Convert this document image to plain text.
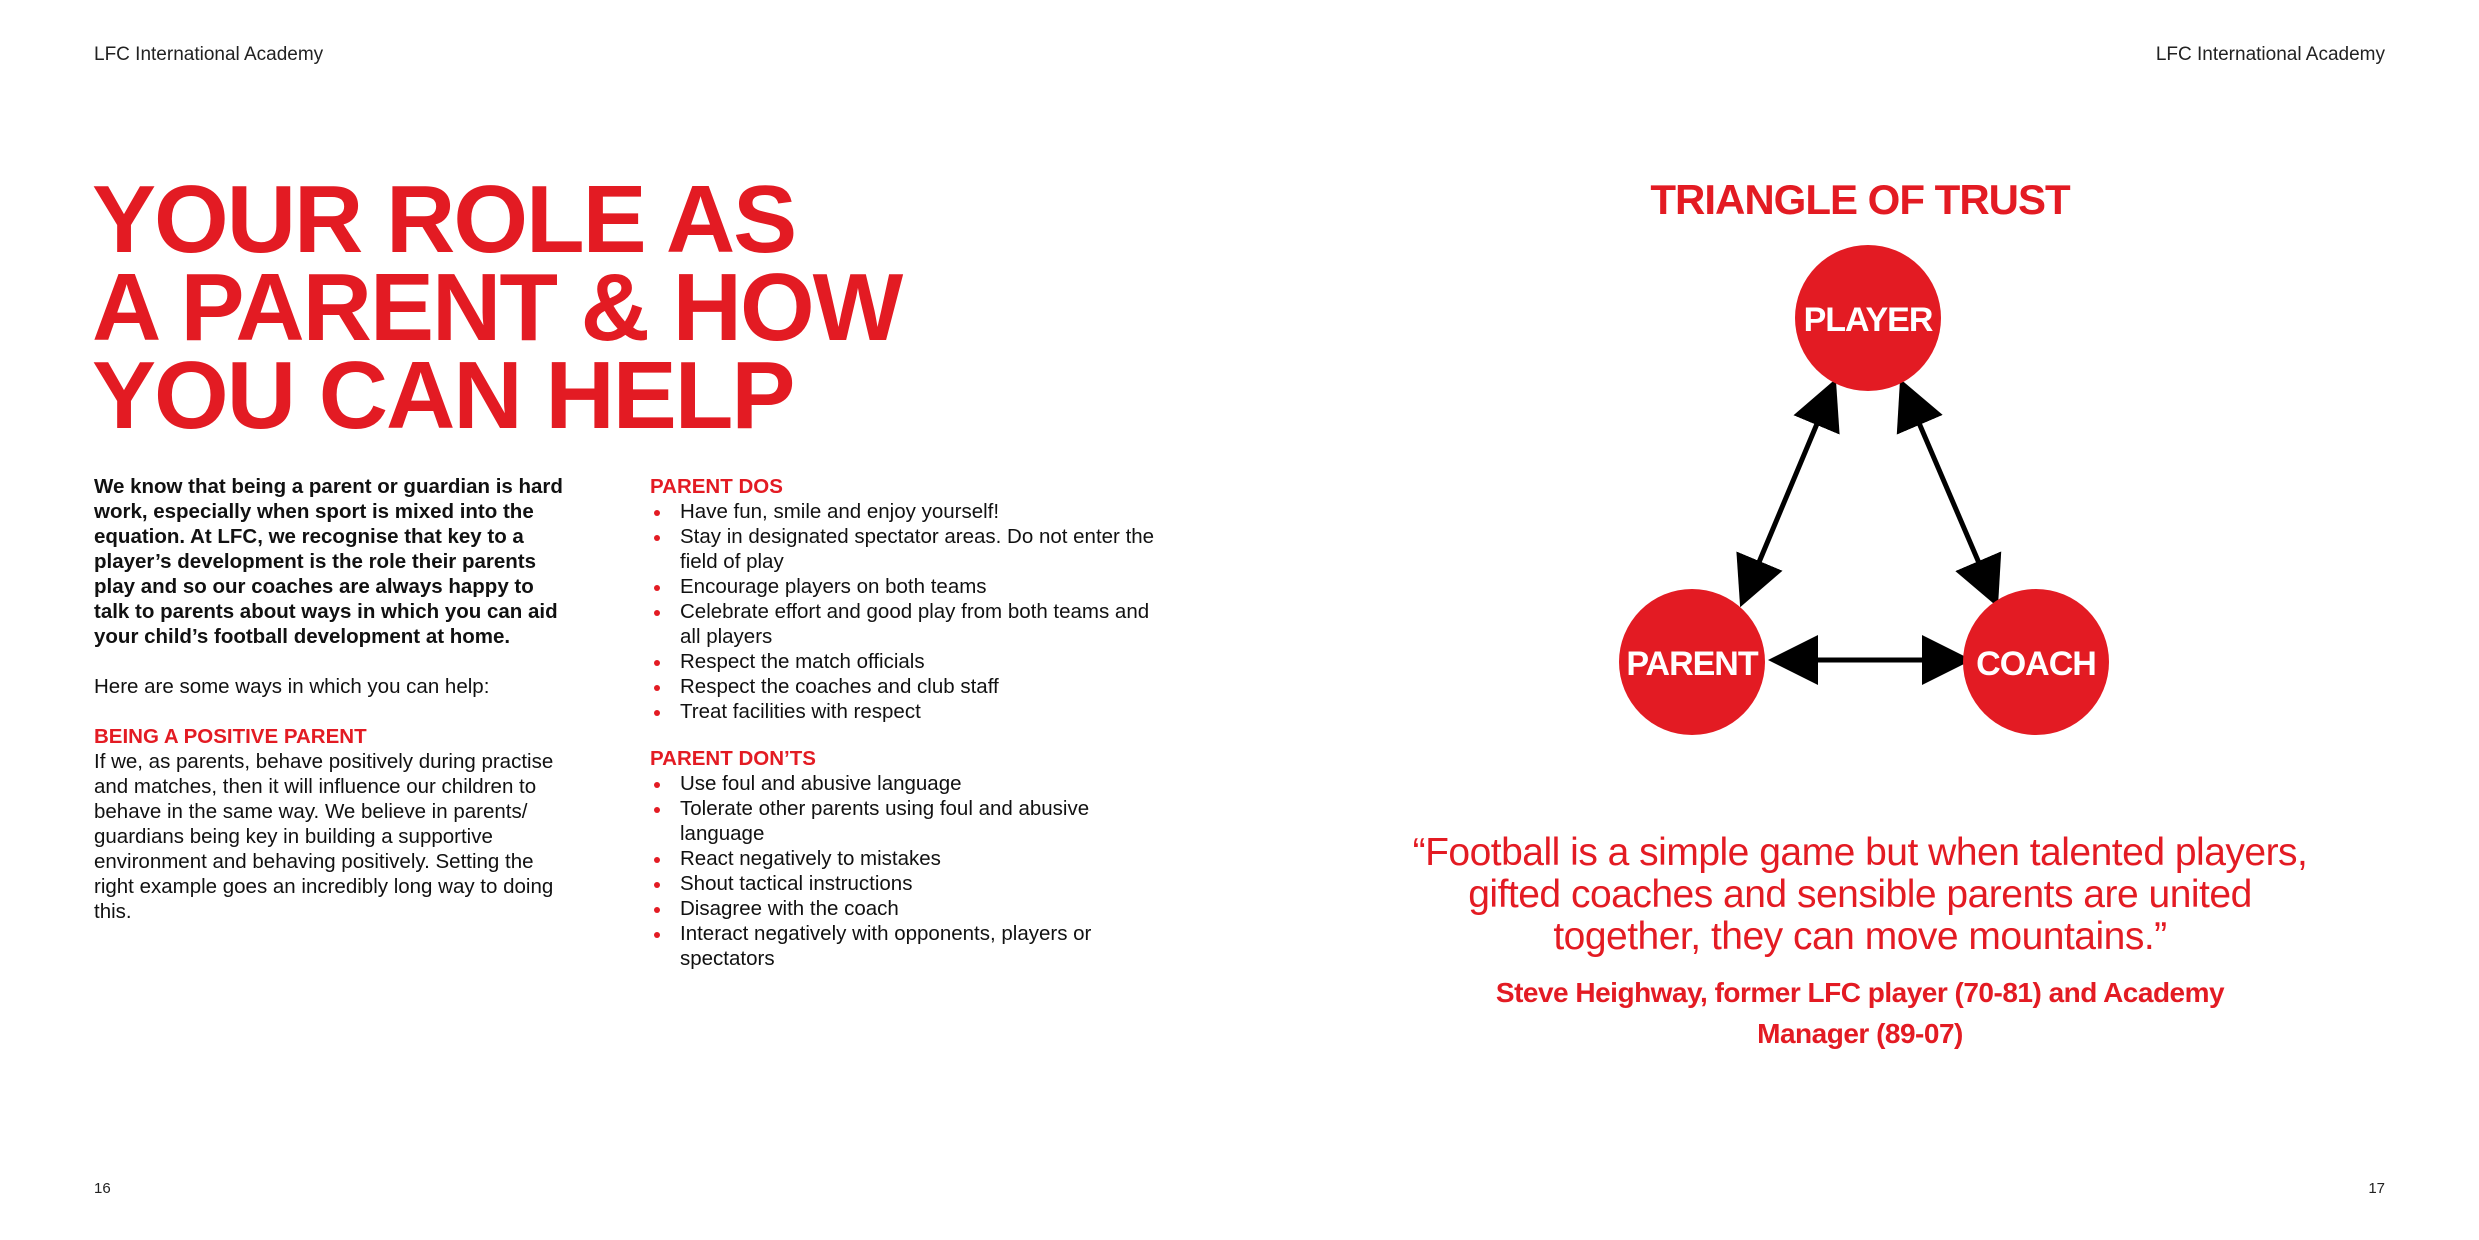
LFC International Academy	LFC International Academy
YOUR ROLE AS
A PARENT & HOW
YOU CAN HELP

We know that being a parent or guardian is hard work, especially when sport is mixed into the equation. At LFC, we recognise that key to a player’s development is the role their parents play and so our coaches are always happy to talk to parents about ways in which you can aid your child’s football development at home.

Here are some ways in which you can help:

BEING A POSITIVE PARENT

If we, as parents, behave positively during practise and matches, then it will influence our children to behave in the same way. We believe in parents/ guardians being key in building a supportive environment and behaving positively. Setting the right example goes an incredibly long way to doing this.

PARENT DOS

Have fun, smile and enjoy yourself!
Stay in designated spectator areas. Do not enter the field of play
Encourage players on both teams
Celebrate effort and good play from both teams and all players
Respect the match officials
Respect the coaches and club staff
Treat facilities with respect

PARENT DON’TS

Use foul and abusive language
Tolerate other parents using foul and abusive language
React negatively to mistakes
Shout tactical instructions
Disagree with the coach
Interact negatively with opponents, players or spectators
TRIANGLE OF TRUST
PLAYER
PARENT	COACH

“Football is a simple game but when talented players, gifted coaches and sensible parents are united together, they can move mountains.”

Steve Heighway, former LFC player (70-81) and Academy Manager (89-07)

16	17
